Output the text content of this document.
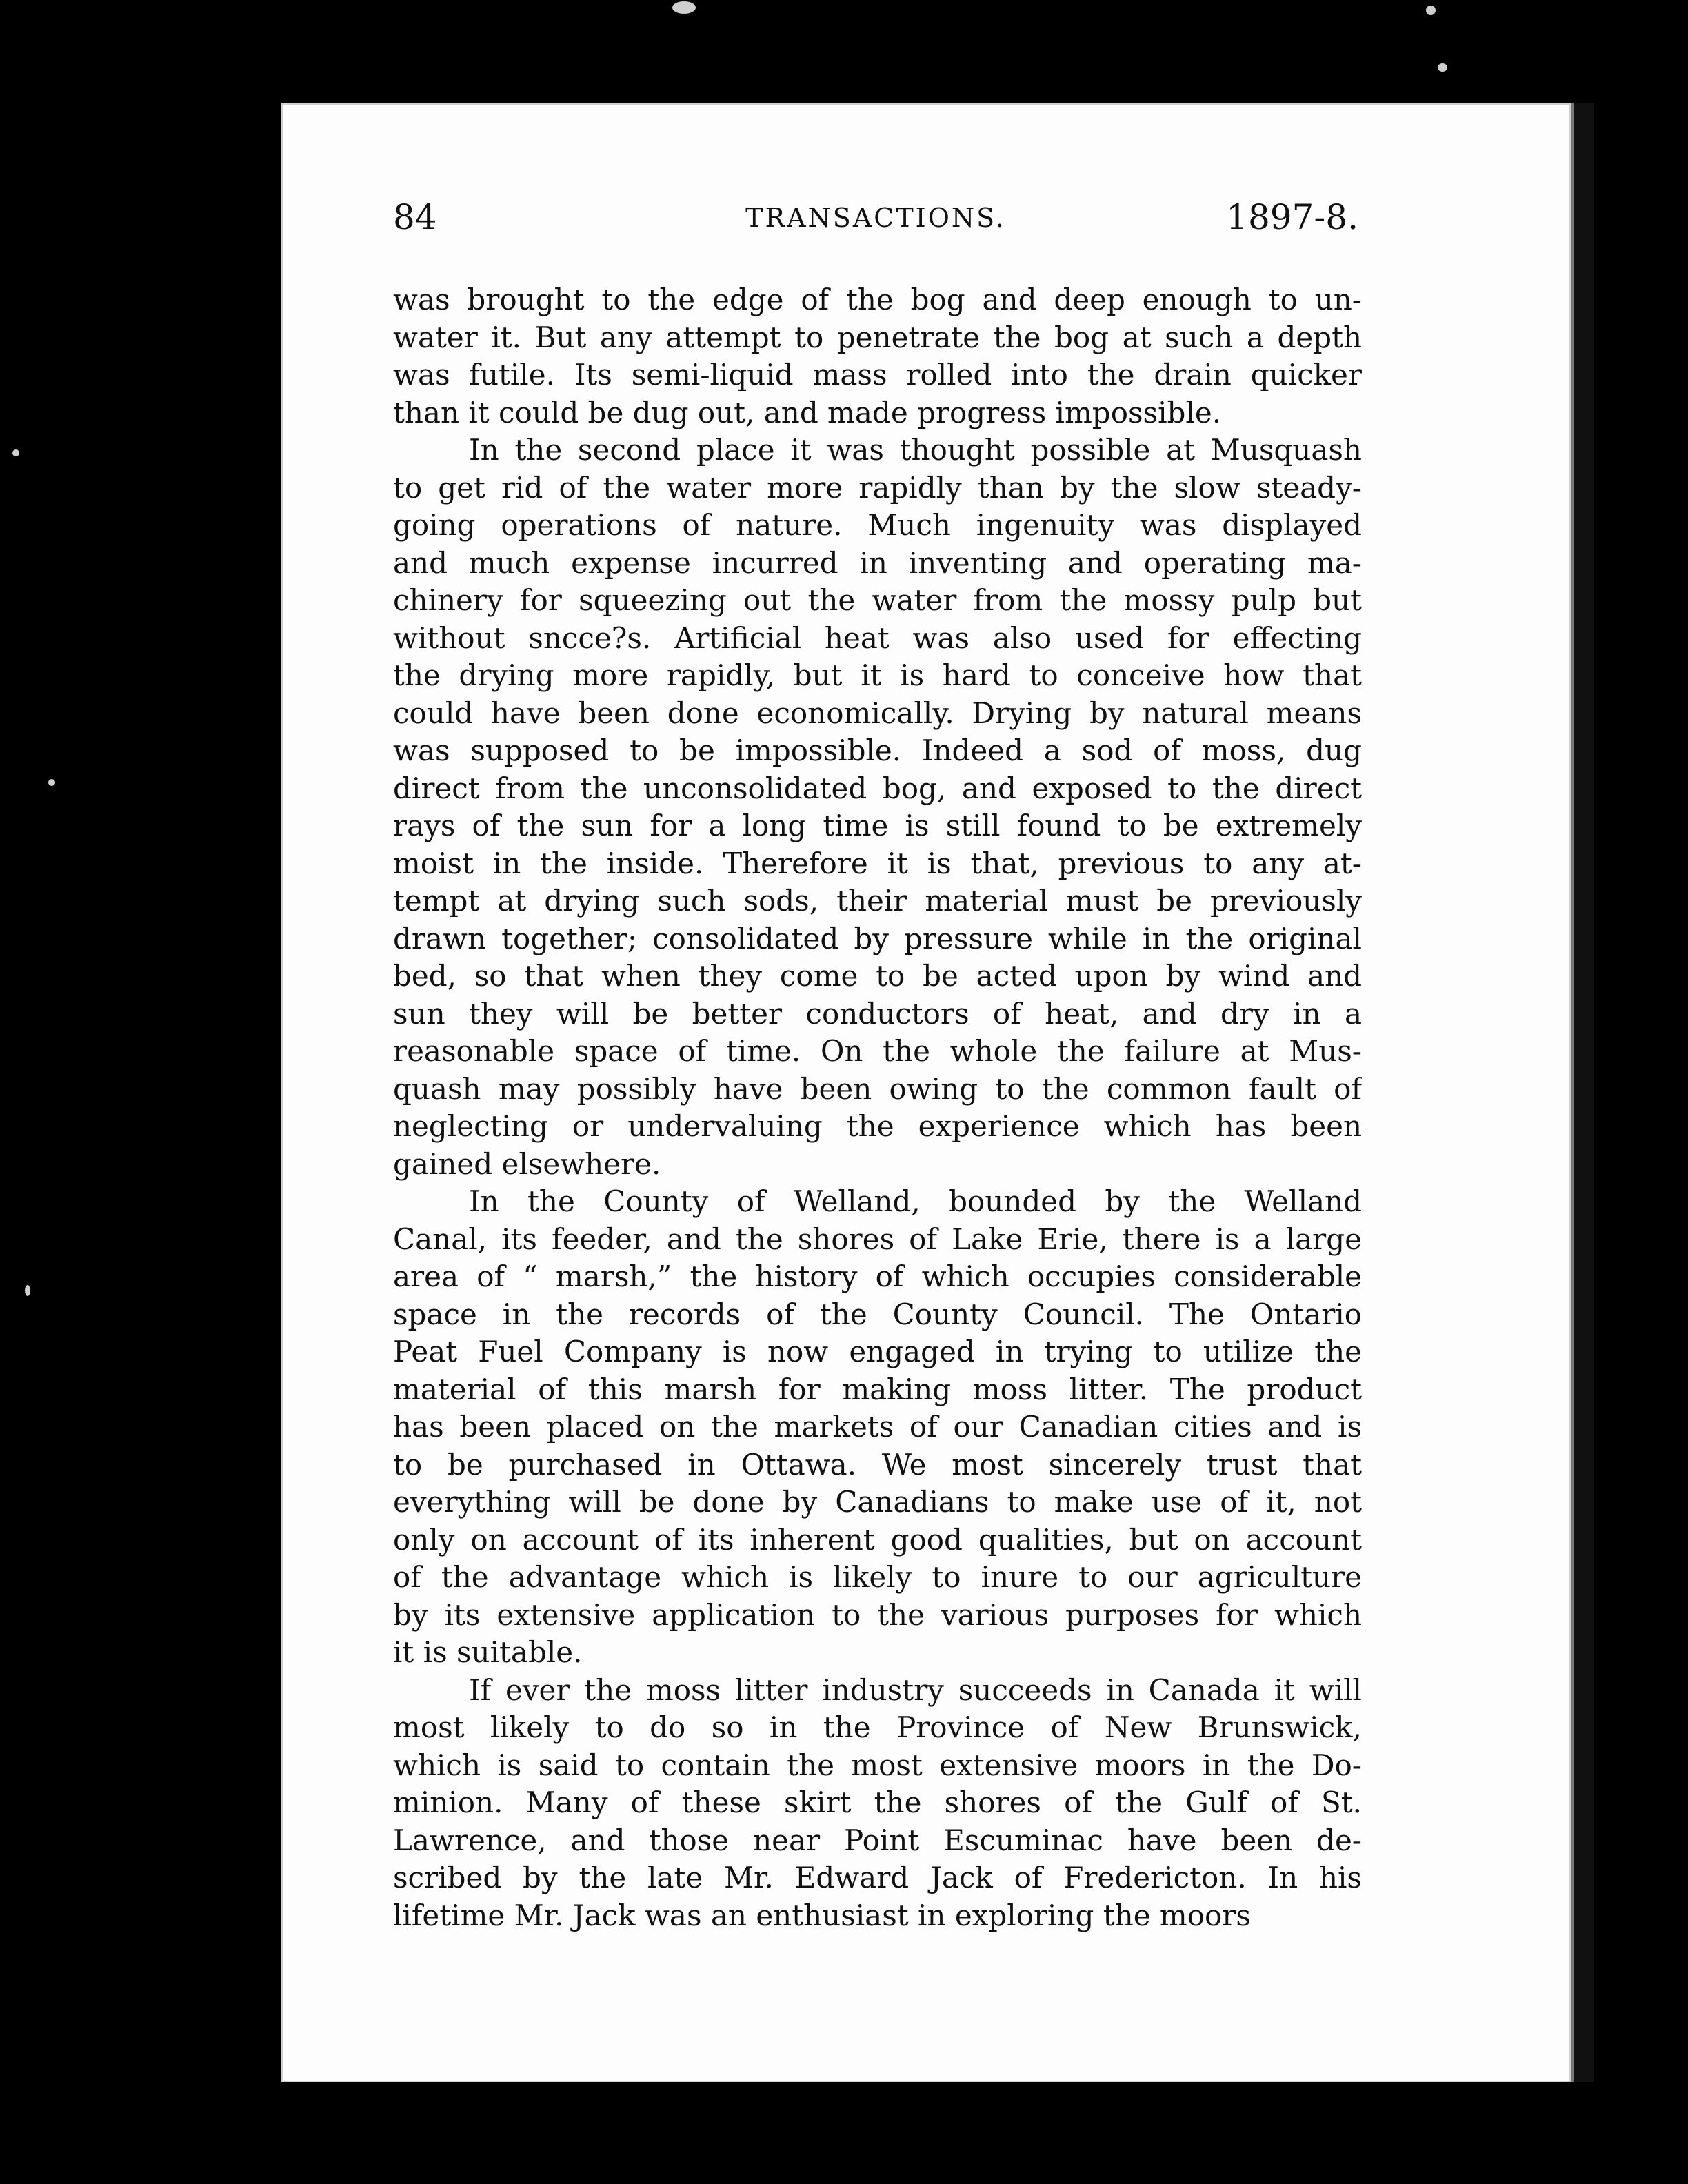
84	TRANSACTIONS.	1897-8.
was brought to the edge of the bog and deep enough to un-
water it. But any attempt to penetrate the bog at such a depth
was futile. Its semi-liquid mass rolled into the drain quicker
than it could be dug out, and made progress impossible.
In the second place it was thought possible at Musquash
to get rid of the water more rapidly than by the slow steady-
going operations of nature. Much ingenuity was displayed
and much expense incurred in inventing and operating ma-
chinery for squeezing out the water from the mossy pulp but
without sncce?s. Artificial heat was also used for effecting
the drying more rapidly, but it is hard to conceive how that
could have been done economically. Drying by natural means
was supposed to be impossible. Indeed a sod of moss, dug
direct from the unconsolidated bog, and exposed to the direct
rays of the sun for a long time is still found to be extremely
moist in the inside. Therefore it is that, previous to any at-
tempt at drying such sods, their material must be previously
drawn together; consolidated by pressure while in the original
bed, so that when they come to be acted upon by wind and
sun they will be better conductors of heat, and dry in a
reasonable space of time. On the whole the failure at Mus-
quash may possibly have been owing to the common fault of
neglecting or undervaluing the experience which has been
gained elsewhere.
In the County of Welland, bounded by the Welland
Canal, its feeder, and the shores of Lake Erie, there is a large
area of “ marsh,” the history of which occupies considerable
space in the records of the County Council. The Ontario
Peat Fuel Company is now engaged in trying to utilize the
material of this marsh for making moss litter. The product
has been placed on the markets of our Canadian cities and is
to be purchased in Ottawa. We most sincerely trust that
everything will be done by Canadians to make use of it, not
only on account of its inherent good qualities, but on account
of the advantage which is likely to inure to our agriculture
by its extensive application to the various purposes for which
it is suitable.
If ever the moss litter industry succeeds in Canada it will
most likely to do so in the Province of New Brunswick,
which is said to contain the most extensive moors in the Do-
minion. Many of these skirt the shores of the Gulf of St.
Lawrence, and those near Point Escuminac have been de-
scribed by the late Mr. Edward Jack of Fredericton. In his
lifetime Mr. Jack was an enthusiast in exploring the moors
